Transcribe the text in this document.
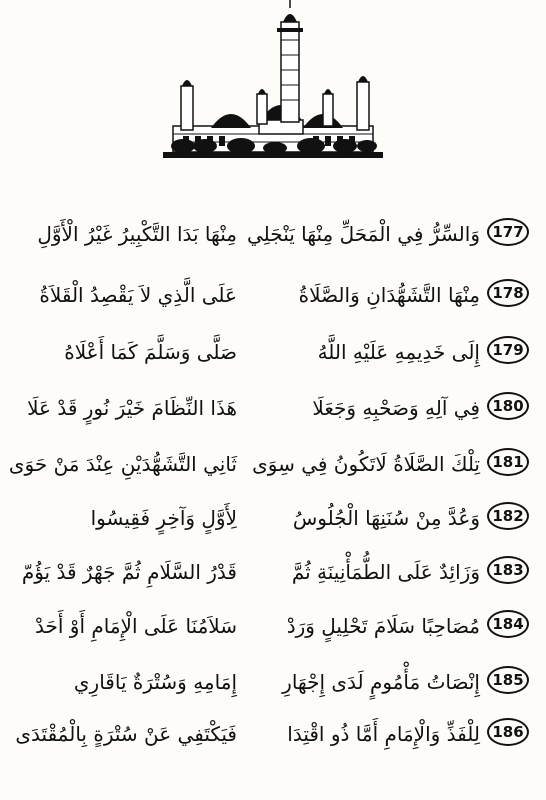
177
وَالسِّرُّ فِي الْمَحَلِّ مِنْهَا يَنْجَلِي
مِنْهَا بَدَا التَّكْبِيرُ غَيْرُ الْأَوَّلِ
178
مِنْهَا التَّشَهُّدَانِ وَالصَّلَاةُ
عَلَى الَّذِي لاَ يَقْصِدُ الْقَلاَةُ
179
إِلَى خَدِيمِهِ عَلَيْهِ اللَّهُ
صَلَّى وَسَلَّمَ كَمَا أَعْلَاهُ
180
فِي آلِهِ وَصَحْبِهِ وَجَعَلَا
هَذَا النِّظَامَ خَيْرَ نُورٍ قَدْ عَلَا
181
تِلْكَ الصَّلَاةُ لَاتَكُونُ فِي سِوَى
ثَانِي التَّشَهُّدَيْنِ عِنْدَ مَنْ حَوَى
182
وَعُدَّ مِنْ سُنَنِهَا الْجُلُوسُ
لِأَوَّلٍ وَآخِرٍ فَقِيسُوا
183
وَزَائِدٌ عَلَى الطُّمَأْنِينَةِ ثُمَّ
قَدْرُ السَّلَامِ ثُمَّ جَهْرٌ قَدْ يَؤُمّ
184
مُصَاحِبًا سَلَامَ تَحْلِيلٍ وَرَدْ
سَلاَمُنَا عَلَى الْإِمَامِ أَوْ أَحَدْ
185
إِنْصَاتُ مَأْمُومٍ لَدَى إِجْهَارِ
إِمَامِهِ وَسُتْرَةٌ يَاقَارِي
186
لِلْفَذِّ وَالْإِمَامِ أَمَّا ذُو اقْتِدَا
فَيَكْتَفِي عَنْ سُتْرَةٍ بِالْمُقْتَدَى
